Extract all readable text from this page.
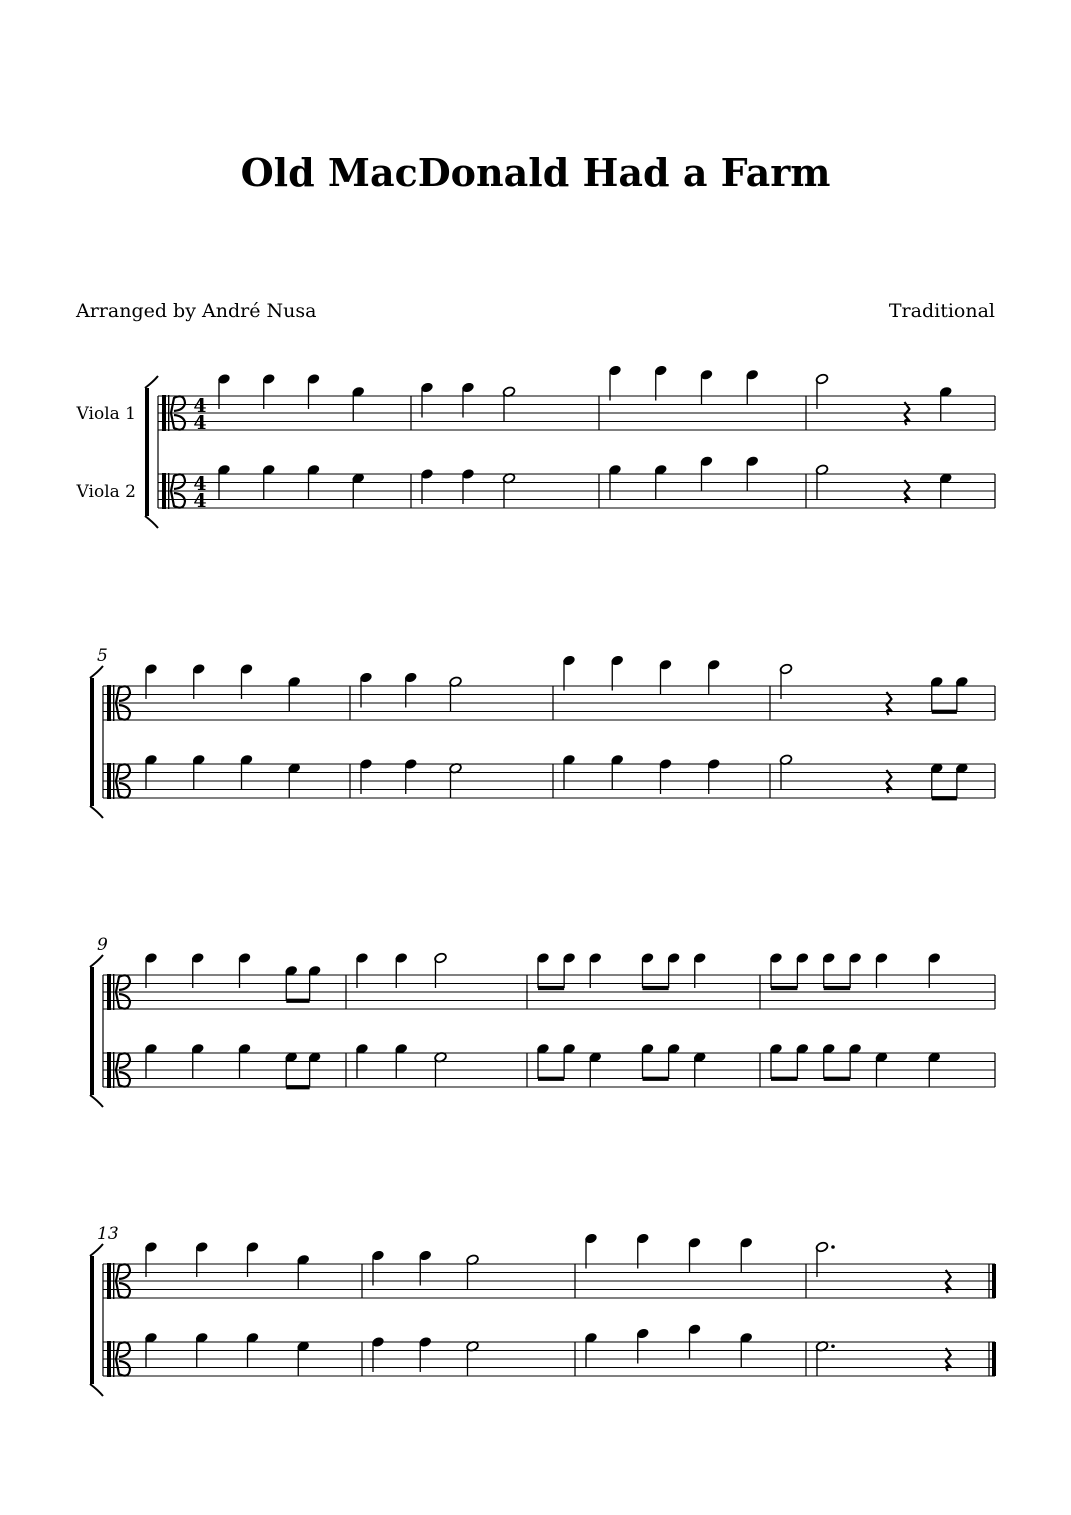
Old MacDonald Had a Farm
Arranged by André Nusa	Traditional
4
4
Viola 1
4
4
Viola 2
5
9
13
